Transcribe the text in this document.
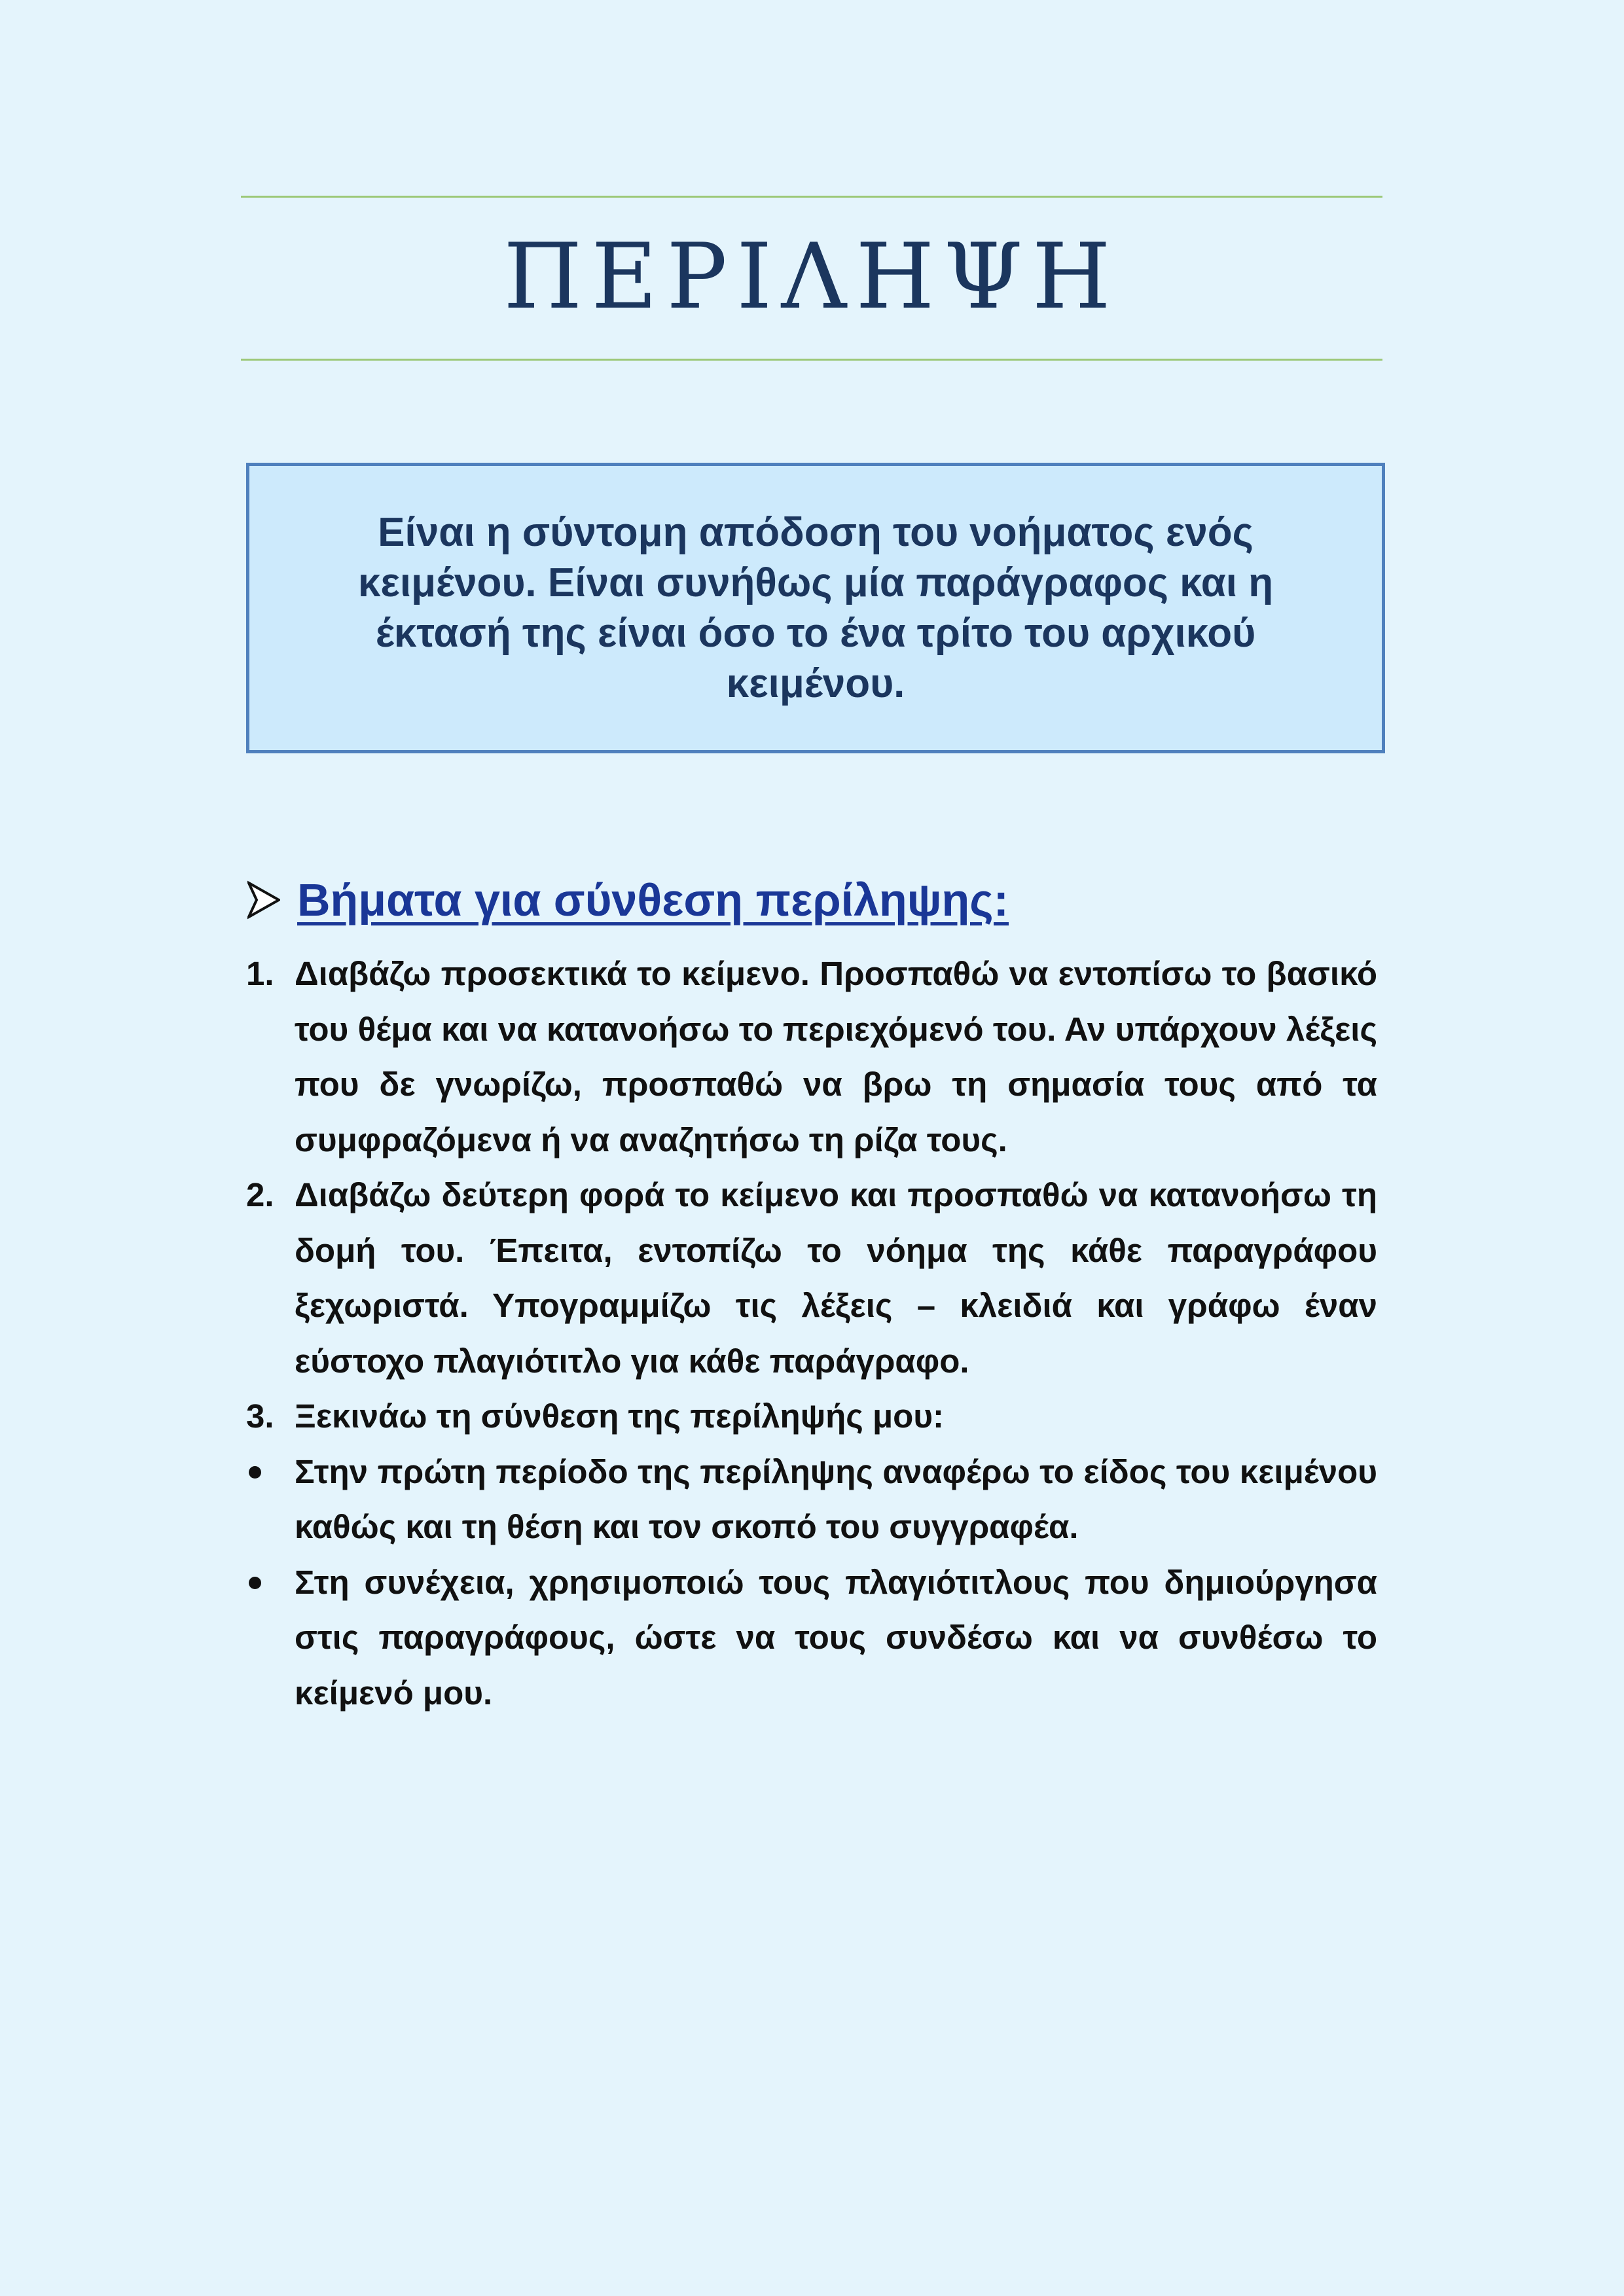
ΠΕΡΙΛΗΨΗ

Είναι η σύντομη απόδοση του νοήματος ενός κειμένου. Είναι συνήθως μία παράγραφος και η έκτασή της είναι όσο το ένα τρίτο του αρχικού κειμένου.

Βήματα για σύνθεση περίληψης:
1. Διαβάζω προσεκτικά το κείμενο. Προσπαθώ να εντοπίσω το βασικό του θέμα και να κατανοήσω το περιεχόμενό του. Αν υπάρχουν λέξεις που δε γνωρίζω, προσπαθώ να βρω τη σημασία τους από τα συμφραζόμενα ή να αναζητήσω τη ρίζα τους.
2. Διαβάζω δεύτερη φορά το κείμενο και προσπαθώ να κατανοήσω τη δομή του. Έπειτα, εντοπίζω το νόημα της κάθε παραγράφου ξεχωριστά. Υπογραμμίζω τις λέξεις – κλειδιά και γράφω έναν εύστοχο πλαγιότιτλο για κάθε παράγραφο.
3. Ξεκινάω τη σύνθεση της περίληψής μου:
Στην πρώτη περίοδο της περίληψης αναφέρω το είδος του κειμένου καθώς και τη θέση και τον σκοπό του συγγραφέα.
Στη συνέχεια, χρησιμοποιώ τους πλαγιότιτλους που δημιούργησα στις παραγράφους, ώστε να τους συνδέσω και να συνθέσω το κείμενό μου.
